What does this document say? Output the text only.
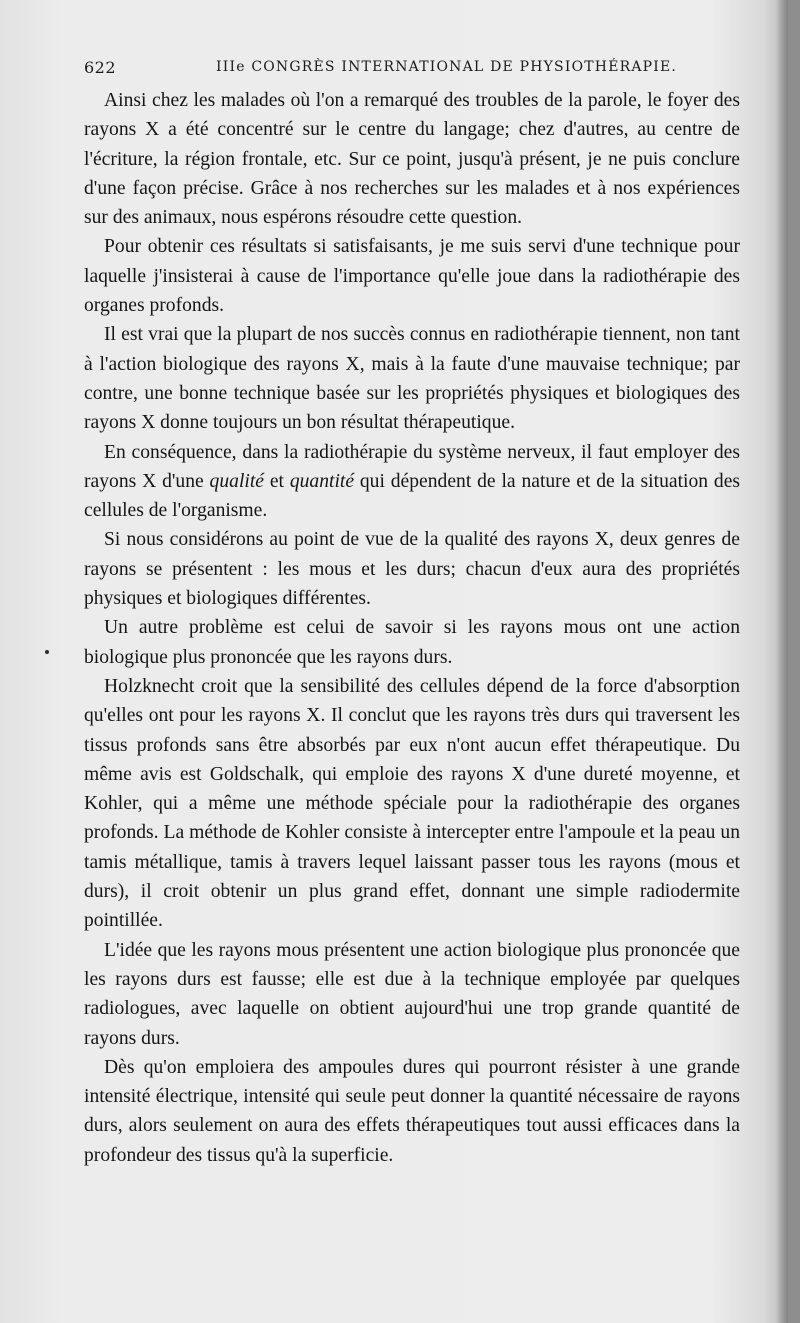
622	IIIe CONGRÈS INTERNATIONAL DE PHYSIOTHÉRAPIE.

Ainsi chez les malades où l'on a remarqué des troubles de la parole, le foyer des rayons X a été concentré sur le centre du langage; chez d'autres, au centre de l'écriture, la région frontale, etc. Sur ce point, jusqu'à présent, je ne puis conclure d'une façon précise. Grâce à nos recherches sur les malades et à nos expériences sur des animaux, nous espérons résoudre cette question.

Pour obtenir ces résultats si satisfaisants, je me suis servi d'une technique pour laquelle j'insisterai à cause de l'importance qu'elle joue dans la radiothérapie des organes profonds.

Il est vrai que la plupart de nos succès connus en radiothérapie tiennent, non tant à l'action biologique des rayons X, mais à la faute d'une mauvaise technique; par contre, une bonne technique basée sur les propriétés physiques et biologiques des rayons X donne toujours un bon résultat thérapeutique.

En conséquence, dans la radiothérapie du système nerveux, il faut employer des rayons X d'une qualité et quantité qui dépendent de la nature et de la situation des cellules de l'organisme.

Si nous considérons au point de vue de la qualité des rayons X, deux genres de rayons se présentent : les mous et les durs; chacun d'eux aura des propriétés physiques et biologiques différentes.

Un autre problème est celui de savoir si les rayons mous ont une action biologique plus prononcée que les rayons durs.

Holzknecht croit que la sensibilité des cellules dépend de la force d'absorption qu'elles ont pour les rayons X. Il conclut que les rayons très durs qui traversent les tissus profonds sans être absorbés par eux n'ont aucun effet thérapeutique. Du même avis est Goldschalk, qui emploie des rayons X d'une dureté moyenne, et Kohler, qui a même une méthode spéciale pour la radiothérapie des organes profonds. La méthode de Kohler consiste à intercepter entre l'ampoule et la peau un tamis métallique, tamis à travers lequel laissant passer tous les rayons (mous et durs), il croit obtenir un plus grand effet, donnant une simple radiodermite pointillée.

L'idée que les rayons mous présentent une action biologique plus prononcée que les rayons durs est fausse; elle est due à la technique employée par quelques radiologues, avec laquelle on obtient aujourd'hui une trop grande quantité de rayons durs.

Dès qu'on emploiera des ampoules dures qui pourront résister à une grande intensité électrique, intensité qui seule peut donner la quantité nécessaire de rayons durs, alors seulement on aura des effets thérapeutiques tout aussi efficaces dans la profondeur des tissus qu'à la superficie.
